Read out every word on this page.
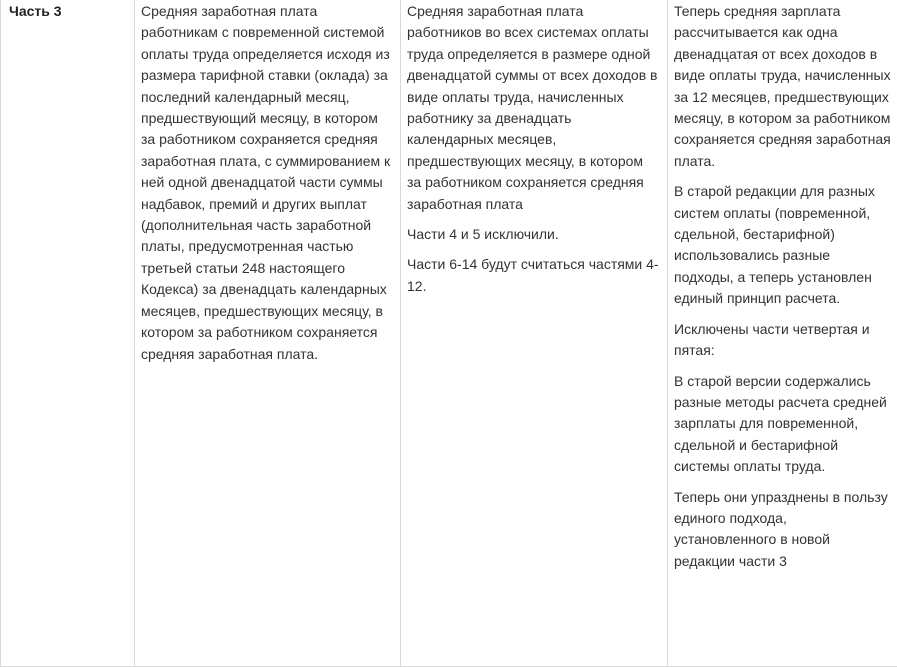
Часть 3	Средняя заработная плата работникам с повременной системой оплаты труда определяется исходя из размера тарифной ставки (оклада) за последний календарный месяц, предшествующий месяцу, в котором за работником сохраняется средняя заработная плата, с суммированием к ней одной двенадцатой части суммы надбавок, премий и других выплат (дополнительная часть заработной платы, предусмотренная частью третьей статьи 248 настоящего Кодекса) за двенадцать календарных месяцев, предшествующих месяцу, в котором за работником сохраняется средняя заработная плата.

Средняя заработная плата работников во всех системах оплаты труда определяется в размере одной двенадцатой суммы от всех доходов в виде оплаты труда, начисленных работнику за двенадцать календарных месяцев, предшествующих месяцу, в котором за работником сохраняется средняя заработная плата

Части 4 и 5 исключили.

Части 6-14 будут считаться частями 4-12.

Теперь средняя зарплата рассчитывается как одна двенадцатая от всех доходов в виде оплаты труда, начисленных за 12 месяцев, предшествующих месяцу, в котором за работником сохраняется средняя заработная плата.

В старой редакции для разных систем оплаты (повременной, сдельной, бестарифной) использовались разные подходы, а теперь установлен единый принцип расчета.

Исключены части четвертая и пятая:

В старой версии содержались разные методы расчета средней зарплаты для повременной, сдельной и бестарифной системы оплаты труда.

Теперь они упразднены в пользу единого подхода, установленного в новой редакции части 3
